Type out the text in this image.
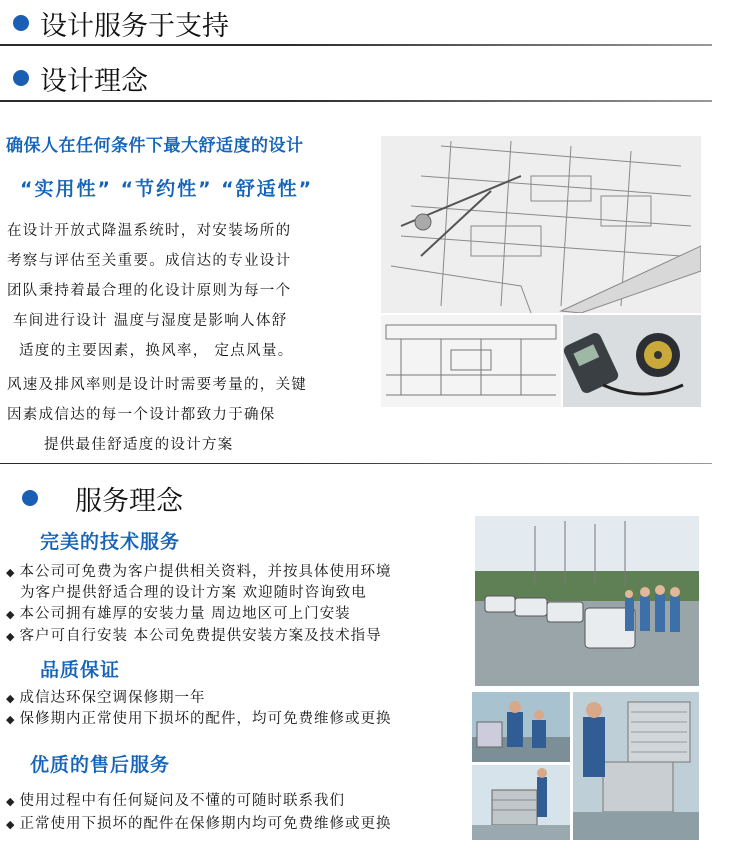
设计服务于支持
设计理念
确保人在任何条件下最大舒适度的设计
“实用性” “节约性” “舒适性”
在设计开放式降温系统时，对安装场所的
考察与评估至关重要。成信达的专业设计
团队秉持着最合理的化设计原则为每一个
车间进行设计 温度与湿度是影响人体舒
适度的主要因素，换风率， 定点风量。
风速及排风率则是设计时需要考量的，关键
因素成信达的每一个设计都致力于确保
提供最佳舒适度的设计方案
服务理念
完美的技术服务
◆ 本公司可免费为客户提供相关资料，并按具体使用环境
为客户提供舒适合理的设计方案 欢迎随时咨询致电
◆ 本公司拥有雄厚的安装力量 周边地区可上门安装
◆ 客户可自行安装 本公司免费提供安装方案及技术指导
品质保证
◆ 成信达环保空调保修期一年
◆ 保修期内正常使用下损坏的配件，均可免费维修或更换
优质的售后服务
◆ 使用过程中有任何疑问及不懂的可随时联系我们
◆ 正常使用下损坏的配件在保修期内均可免费维修或更换
